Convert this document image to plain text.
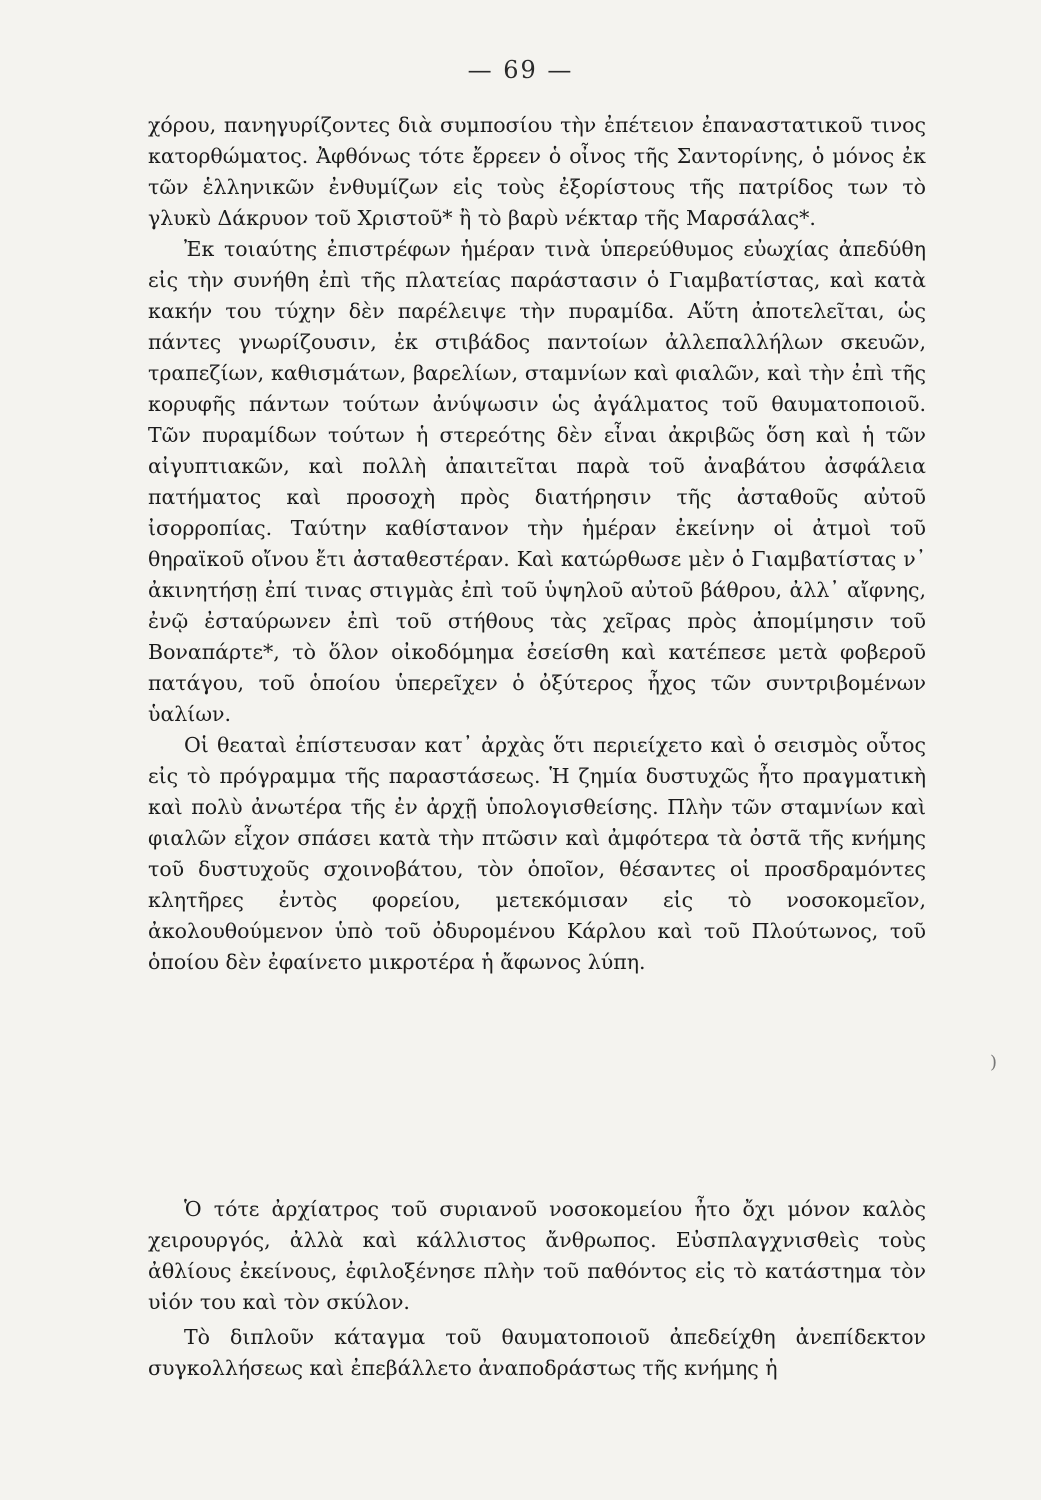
— 69 —

χόρου, πανηγυρίζοντες διὰ συμποσίου τὴν ἐπέτειον ἐπαναστατικοῦ τινος κατορθώματος. Ἀφθόνως τότε ἔρρεεν ὁ οἶνος τῆς Σαντορίνης, ὁ μόνος ἐκ τῶν ἑλληνικῶν ἐνθυμίζων εἰς τοὺς ἐξορίστους τῆς πατρίδος των τὸ γλυκὺ Δάκρυον τοῦ Χριστοῦ* ἢ τὸ βαρὺ νέκταρ τῆς Μαρσάλας*.

Ἐκ τοιαύτης ἐπιστρέφων ἡμέραν τινὰ ὑπερεύθυμος εὐωχίας ἀπεδύθη εἰς τὴν συνήθη ἐπὶ τῆς πλατείας παράστασιν ὁ Γιαμβατίστας, καὶ κατὰ κακήν του τύχην δὲν παρέλειψε τὴν πυραμίδα. Αὕτη ἀποτελεῖται, ὡς πάντες γνωρίζουσιν, ἐκ στιβάδος παντοίων ἀλλεπαλλήλων σκευῶν, τραπεζίων, καθισμάτων, βαρελίων, σταμνίων καὶ φιαλῶν, καὶ τὴν ἐπὶ τῆς κορυφῆς πάντων τούτων ἀνύψωσιν ὡς ἀγάλματος τοῦ θαυματοποιοῦ. Τῶν πυραμίδων τούτων ἡ στερεότης δὲν εἶναι ἀκριβῶς ὅση καὶ ἡ τῶν αἰγυπτιακῶν, καὶ πολλὴ ἀπαιτεῖται παρὰ τοῦ ἀναβάτου ἀσφάλεια πατήματος καὶ προσοχὴ πρὸς διατήρησιν τῆς ἀσταθοῦς αὐτοῦ ἰσορροπίας. Ταύτην καθίστανον τὴν ἡμέραν ἐκείνην οἱ ἀτμοὶ τοῦ θηραϊκοῦ οἴνου ἔτι ἀσταθεστέραν. Καὶ κατώρθωσε μὲν ὁ Γιαμβατίστας ν᾽ ἀκινητήσῃ ἐπί τινας στιγμὰς ἐπὶ τοῦ ὑψηλοῦ αὐτοῦ βάθρου, ἀλλ᾽ αἴφνης, ἐνῷ ἐσταύρωνεν ἐπὶ τοῦ στήθους τὰς χεῖρας πρὸς ἀπομίμησιν τοῦ Βοναπάρτε*, τὸ ὅλον οἰκοδόμημα ἐσείσθη καὶ κατέπεσε μετὰ φοβεροῦ πατάγου, τοῦ ὁποίου ὑπερεῖχεν ὁ ὀξύτερος ἦχος τῶν συντριβομένων ὑαλίων.

Οἱ θεαταὶ ἐπίστευσαν κατ᾽ ἀρχὰς ὅτι περιείχετο καὶ ὁ σεισμὸς οὗτος εἰς τὸ πρόγραμμα τῆς παραστάσεως. Ἡ ζημία δυστυχῶς ἦτο πραγματικὴ καὶ πολὺ ἀνωτέρα τῆς ἐν ἀρχῇ ὑπολογισθείσης. Πλὴν τῶν σταμνίων καὶ φιαλῶν εἶχον σπάσει κατὰ τὴν πτῶσιν καὶ ἀμφότερα τὰ ὀστᾶ τῆς κνήμης τοῦ δυστυχοῦς σχοινοβάτου, τὸν ὁποῖον, θέσαντες οἱ προσδραμόντες κλητῆρες ἐντὸς φορείου, μετεκόμισαν εἰς τὸ νοσοκομεῖον, ἀκολουθούμενον ὑπὸ τοῦ ὀδυρομένου Κάρλου καὶ τοῦ Πλούτωνος, τοῦ ὁποίου δὲν ἐφαίνετο μικροτέρα ἡ ἄφωνος λύπη.

)

Ὁ τότε ἀρχίατρος τοῦ συριανοῦ νοσοκομείου ἦτο ὄχι μόνον καλὸς χειρουργός, ἀλλὰ καὶ κάλλιστος ἄνθρωπος. Εὐσπλαγχνισθεὶς τοὺς ἀθλίους ἐκείνους, ἐφιλοξένησε πλὴν τοῦ παθόντος εἰς τὸ κατάστημα τὸν υἱόν του καὶ τὸν σκύλον.

Τὸ διπλοῦν κάταγμα τοῦ θαυματοποιοῦ ἀπεδείχθη ἀνεπίδεκτον συγκολλήσεως καὶ ἐπεβάλλετο ἀναποδράστως τῆς κνήμης ἡ
